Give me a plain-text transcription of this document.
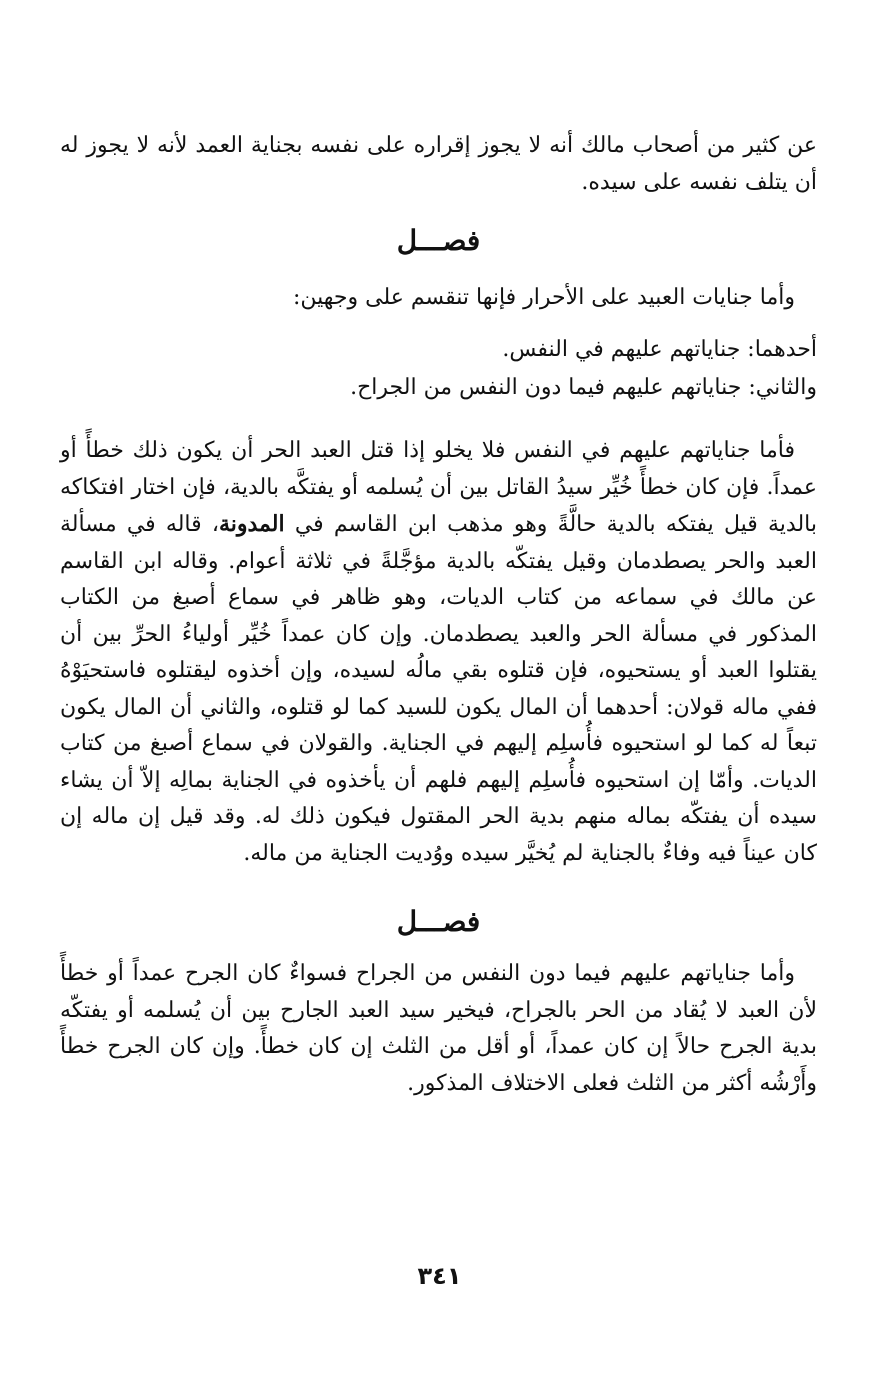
عن كثير من أصحاب مالك أنه لا يجوز إقراره على نفسه بجناية العمد لأنه لا يجوز له أن يتلف نفسه على سيده.

فصـــل

وأما جنايات العبيد على الأحرار فإنها تنقسم على وجهين:

أحدهما: جناياتهم عليهم في النفس.

والثاني: جناياتهم عليهم فيما دون النفس من الجراح.

فأما جناياتهم عليهم في النفس فلا يخلو إذا قتل العبد الحر أن يكون ذلك خطأً أو عمداً. فإن كان خطأً خُيِّر سيدُ القاتل بين أن يُسلمه أو يفتكَّه بالدية، فإن اختار افتكاكه بالدية قيل يفتكه بالدية حالَّةً وهو مذهب ابن القاسم في المدونة، قاله في مسألة العبد والحر يصطدمان وقيل يفتكّه بالدية مؤجَّلةً في ثلاثة أعوام. وقاله ابن القاسم عن مالك في سماعه من كتاب الديات، وهو ظاهر في سماع أصبغ من الكتاب المذكور في مسألة الحر والعبد يصطدمان. وإن كان عمداً خُيِّر أولياءُ الحرِّ بين أن يقتلوا العبد أو يستحيوه، فإن قتلوه بقي مالُه لسيده، وإن أخذوه ليقتلوه فاستحيَوْهُ ففي ماله قولان: أحدهما أن المال يكون للسيد كما لو قتلوه، والثاني أن المال يكون تبعاً له كما لو استحيوه فأُسلِم إليهم في الجناية. والقولان في سماع أصبغ من كتاب الديات. وأمّا إن استحيوه فأُسلِم إليهم فلهم أن يأخذوه في الجناية بمالِه إلاّ أن يشاء سيده أن يفتكّه بماله منهم بدية الحر المقتول فيكون ذلك له. وقد قيل إن ماله إن كان عيناً فيه وفاءٌ بالجناية لم يُخيَّر سيده ووُديت الجناية من ماله.

فصـــل

وأما جناياتهم عليهم فيما دون النفس من الجراح فسواءٌ كان الجرح عمداً أو خطأً لأن العبد لا يُقاد من الحر بالجراح، فيخير سيد العبد الجارح بين أن يُسلمه أو يفتكّه بدية الجرح حالاً إن كان عمداً، أو أقل من الثلث إن كان خطأً. وإن كان الجرح خطأً وأَرْشُه أكثر من الثلث فعلى الاختلاف المذكور.

٣٤١
